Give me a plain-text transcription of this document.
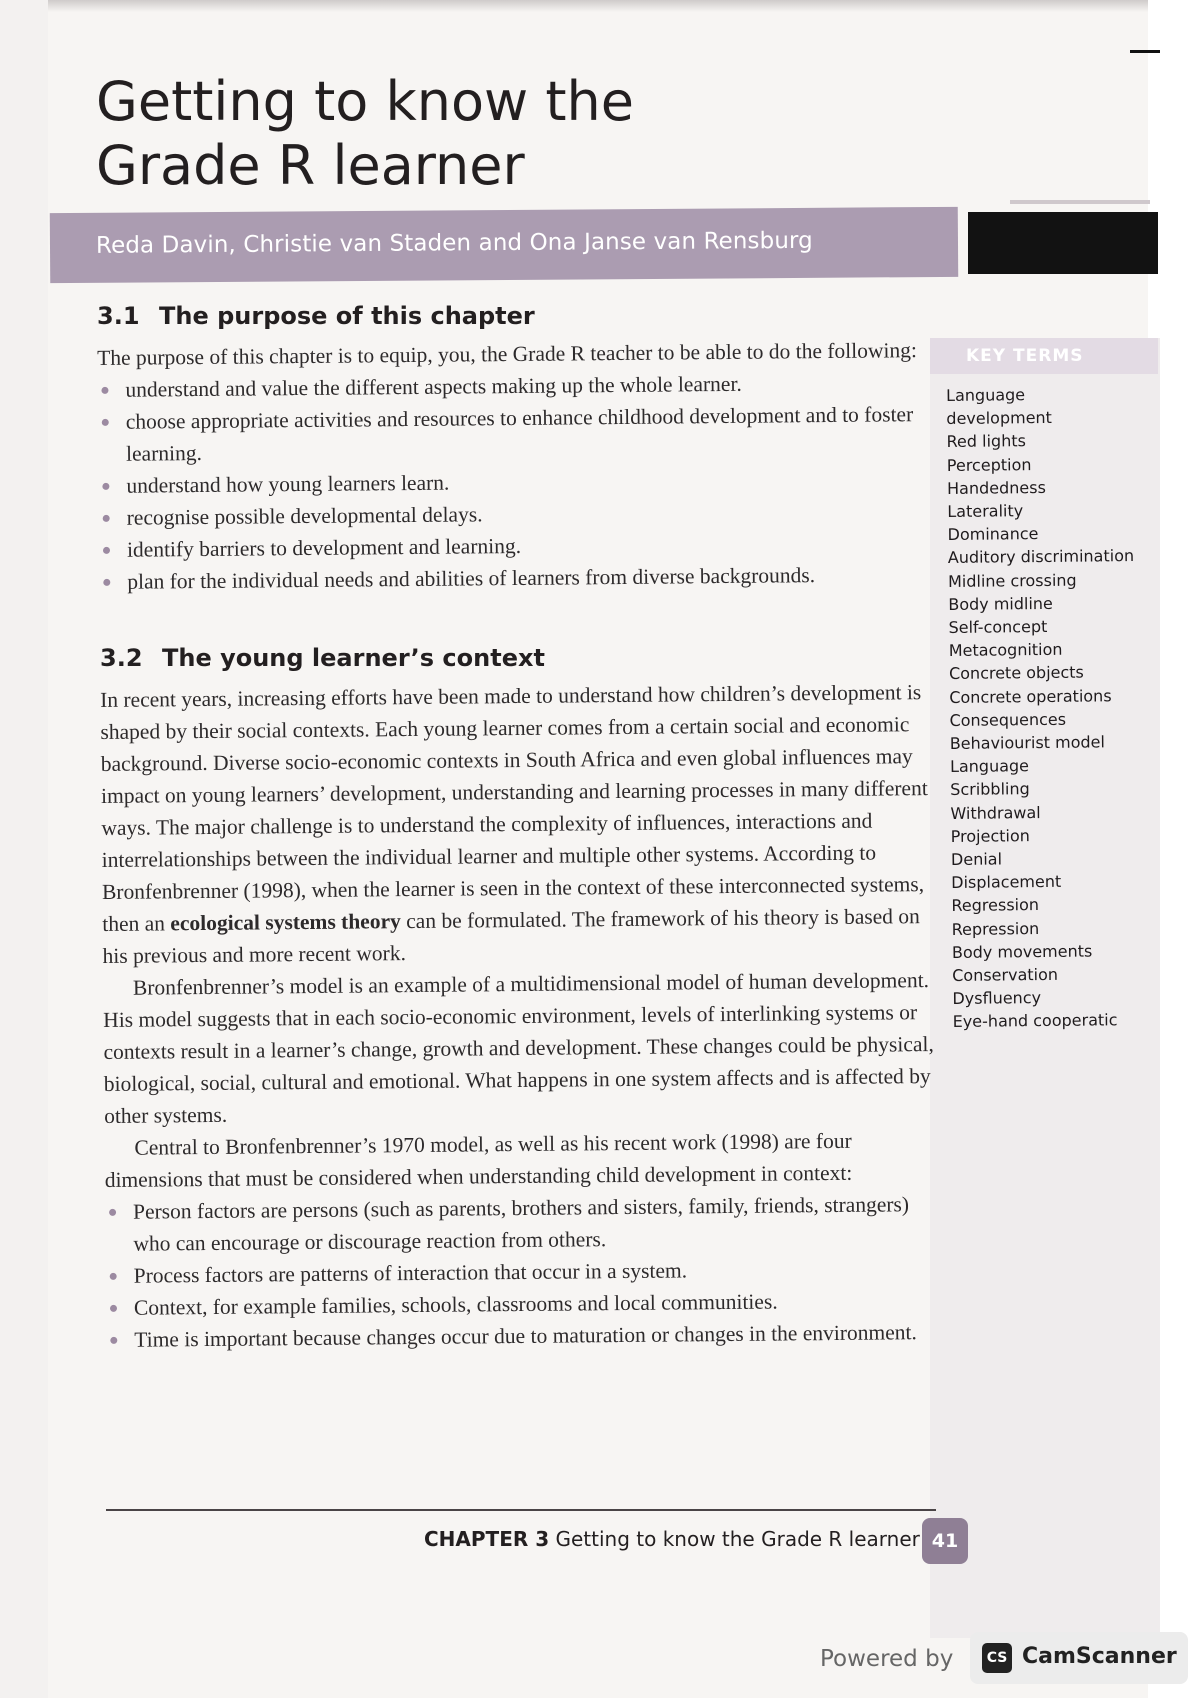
Getting to know the
Grade R learner
Reda Davin, Christie van Staden and Ona Janse van Rensburg
KEY TERMS
Language
development
Red lights
Perception
Handedness
Laterality
Dominance
Auditory discrimination
Midline crossing
Body midline
Self-concept
Metacognition
Concrete objects
Concrete operations
Consequences
Behaviourist model
Language
Scribbling
Withdrawal
Projection
Denial
Displacement
Regression
Repression
Body movements
Conservation
Dysfluency
Eye-hand cooperatic
3.1 The purpose of this chapter

The purpose of this chapter is to equip, you, the Grade R teacher to be able to do the following:

understand and value the different aspects making up the whole learner.
choose appropriate activities and resources to enhance childhood development and to foster learning.
understand how young learners learn.
recognise possible developmental delays.
identify barriers to development and learning.
plan for the individual needs and abilities of learners from diverse backgrounds.
3.2 The young learner’s context

In recent years, increasing efforts have been made to understand how children’s development is shaped by their social contexts. Each young learner comes from a certain social and economic background. Diverse socio-economic contexts in South Africa and even global influences may impact on young learners’ development, understanding and learning processes in many different ways. The major challenge is to understand the complexity of influences, interactions and interrelationships between the individual learner and multiple other systems. According to Bronfenbrenner (1998), when the learner is seen in the context of these interconnected systems, then an ecological systems theory can be formulated. The framework of his theory is based on his previous and more recent work.

Bronfenbrenner’s model is an example of a multidimensional model of human development. His model suggests that in each socio-economic environment, levels of interlinking systems or contexts result in a learner’s change, growth and development. These changes could be physical, biological, social, cultural and emotional. What happens in one system affects and is affected by other systems.

Central to Bronfenbrenner’s 1970 model, as well as his recent work (1998) are four dimensions that must be considered when understanding child development in context:

Person factors are persons (such as parents, brothers and sisters, family, friends, strangers) who can encourage or discourage reaction from others.
Process factors are patterns of interaction that occur in a system.
Context, for example families, schools, classrooms and local communities.
Time is important because changes occur due to maturation or changes in the environment.
CHAPTER 3 Getting to know the Grade R learner 41
Powered by	CS CamScanner
